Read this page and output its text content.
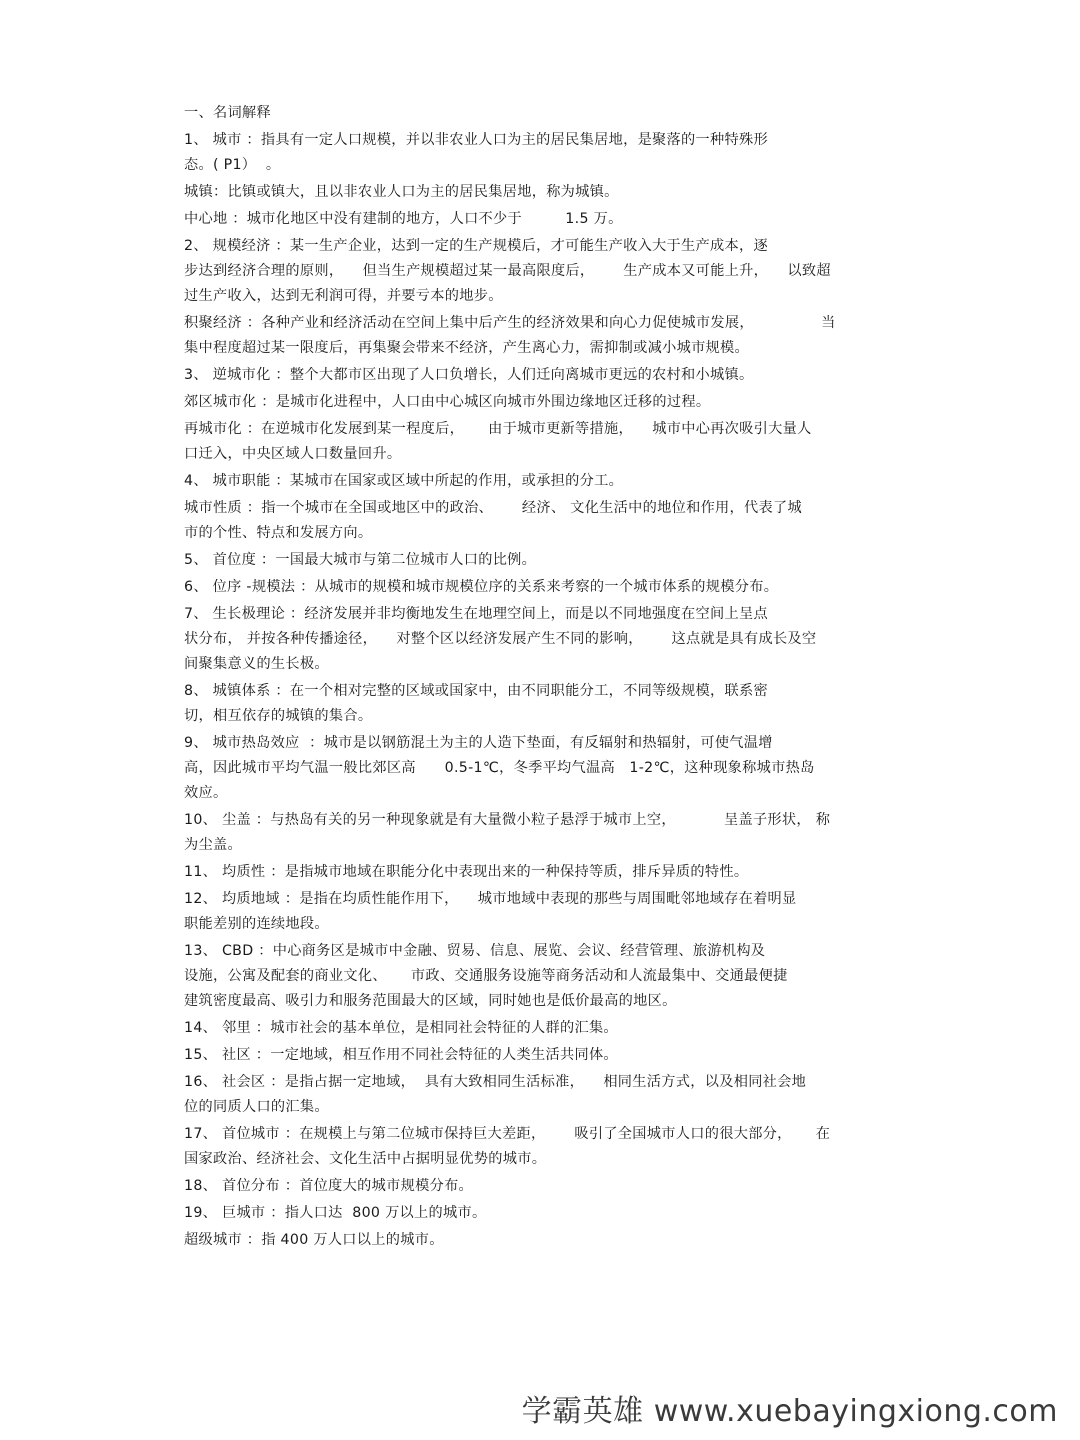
一、名词解释
1、 城市 ：指具有一定人口规模，并以非农业人口为主的居民集居地，是聚落的一种特殊形
态。( P1）  。
城镇：比镇或镇大，且以非农业人口为主的居民集居地，称为城镇。
中心地 ：城市化地区中没有建制的地方，人口不少于         1.5 万。
2、 规模经济 ：某一生产企业，达到一定的生产规模后，才可能生产收入大于生产成本，逐
步达到经济合理的原则，    但当生产规模超过某一最高限度后，      生产成本又可能上升，    以致超
过生产收入，达到无利润可得，并要亏本的地步。
积聚经济 ：各种产业和经济活动在空间上集中后产生的经济效果和向心力促使城市发展，              当
集中程度超过某一限度后，再集聚会带来不经济，产生离心力，需抑制或减小城市规模。
3、 逆城市化 ：整个大都市区出现了人口负增长，人们迁向离城市更远的农村和小城镇。
郊区城市化 ：是城市化进程中，人口由中心城区向城市外围边缘地区迁移的过程。
再城市化 ：在逆城市化发展到某一程度后，     由于城市更新等措施，    城市中心再次吸引大量人
口迁入，中央区域人口数量回升。
4、 城市职能 ：某城市在国家或区域中所起的作用，或承担的分工。
城市性质 ：指一个城市在全国或地区中的政治、      经济、 文化生活中的地位和作用，代表了城
市的个性、特点和发展方向。
5、 首位度 ：一国最大城市与第二位城市人口的比例。
6、 位序 -规模法 ：从城市的规模和城市规模位序的关系来考察的一个城市体系的规模分布。
7、 生长极理论 ：经济发展并非均衡地发生在地理空间上，而是以不同地强度在空间上呈点
状分布， 并按各种传播途径，    对整个区以经济发展产生不同的影响，      这点就是具有成长及空
间聚集意义的生长极。
8、 城镇体系 ：在一个相对完整的区域或国家中，由不同职能分工，不同等级规模，联系密
切，相互依存的城镇的集合。
9、 城市热岛效应  ：城市是以钢筋混土为主的人造下垫面，有反辐射和热辐射，可使气温增
高，因此城市平均气温一般比郊区高      0.5-1℃，冬季平均气温高   1-2℃，这种现象称城市热岛
效应。
10、 尘盖 ：与热岛有关的另一种现象就是有大量微小粒子悬浮于城市上空，          呈盖子形状， 称
为尘盖。
11、 均质性 ：是指城市地域在职能分化中表现出来的一种保持等质，排斥异质的特性。
12、 均质地域 ：是指在均质性能作用下，    城市地域中表现的那些与周围毗邻地域存在着明显
职能差别的连续地段。
13、 CBD ：中心商务区是城市中金融、贸易、信息、展览、会议、经营管理、旅游机构及
设施，公寓及配套的商业文化、     市政、交通服务设施等商务活动和人流最集中、交通最便捷
建筑密度最高、吸引力和服务范围最大的区域，同时她也是低价最高的地区。
14、 邻里 ：城市社会的基本单位，是相同社会特征的人群的汇集。
15、 社区 ：一定地域，相互作用不同社会特征的人类生活共同体。
16、 社会区 ：是指占据一定地域，  具有大致相同生活标准，    相同生活方式，以及相同社会地
位的同质人口的汇集。
17、 首位城市 ：在规模上与第二位城市保持巨大差距，      吸引了全国城市人口的很大部分，     在
国家政治、经济社会、文化生活中占据明显优势的城市。
18、 首位分布 ：首位度大的城市规模分布。
19、 巨城市 ：指人口达  800 万以上的城市。
超级城市 ：指 400 万人口以上的城市。
学霸英雄 www.xuebayingxiong.com
